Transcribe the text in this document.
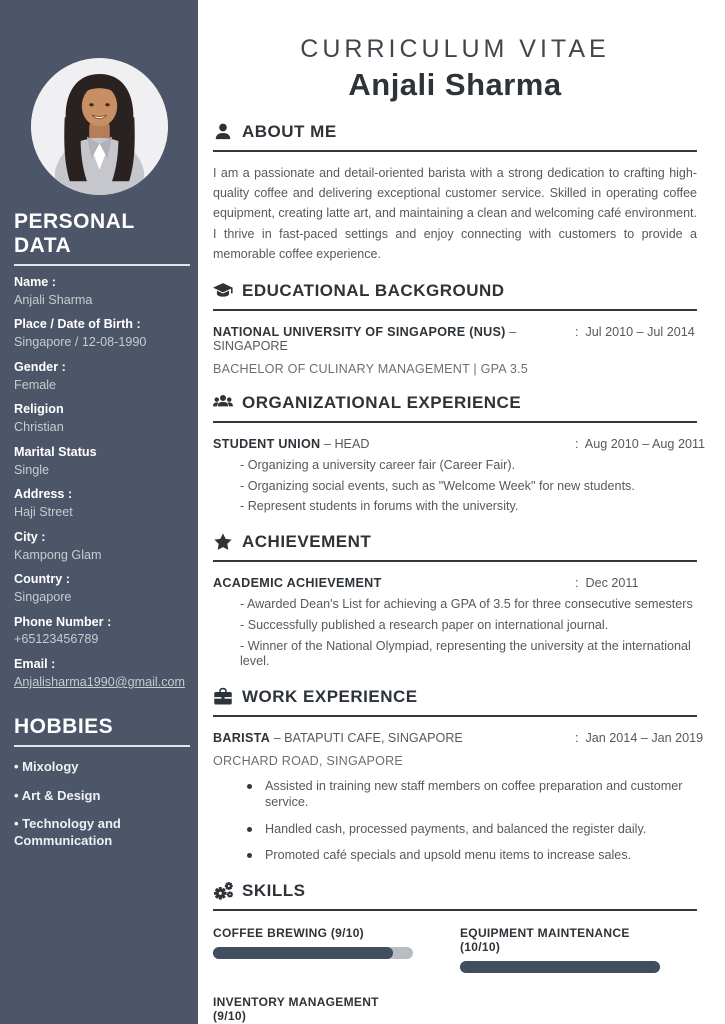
PERSONAL DATA
Name :
Anjali Sharma
Place / Date of Birth :
Singapore / 12-08-1990
Gender :
Female
Religion
Christian
Marital Status
Single
Address :
Haji Street
City :
Kampong Glam
Country :
Singapore
Phone Number :
+65123456789
Email :
Anjalisharma1990@gmail.com
HOBBIES
• Mixology
• Art & Design
• Technology and Communication
CURRICULUM VITAE
Anjali Sharma
ABOUT ME

I am a passionate and detail-oriented barista with a strong dedication to crafting high-quality coffee and delivering exceptional customer service. Skilled in operating coffee equipment, creating latte art, and maintaining a clean and welcoming café environment. I thrive in fast-paced settings and enjoy connecting with customers to provide a memorable coffee experience.

EDUCATIONAL BACKGROUND
NATIONAL UNIVERSITY OF SINGAPORE (NUS) – SINGAPORE
:  Jul 2010 – Jul 2014
BACHELOR OF CULINARY MANAGEMENT | GPA 3.5
ORGANIZATIONAL EXPERIENCE
STUDENT UNION – HEAD	:  Aug 2010 – Aug 2011
- Organizing a university career fair (Career Fair).
- Organizing social events, such as "Welcome Week" for new students.
- Represent students in forums with the university.
ACHIEVEMENT
ACADEMIC ACHIEVEMENT	:  Dec 2011
- Awarded Dean's List for achieving a GPA of 3.5 for three consecutive semesters
- Successfully published a research paper on international journal.
- Winner of the National Olympiad, representing the university at the international level.
WORK EXPERIENCE
BARISTA – BATAPUTI CAFE, SINGAPORE	:  Jan 2014 – Jan 2019
ORCHARD ROAD, SINGAPORE
Assisted in training new staff members on coffee preparation and customer service.
Handled cash, processed payments, and balanced the register daily.
Promoted café specials and upsold menu items to increase sales.
SKILLS
COFFEE BREWING (9/10)	EQUIPMENT MAINTENANCE (10/10)
INVENTORY MANAGEMENT (9/10)
